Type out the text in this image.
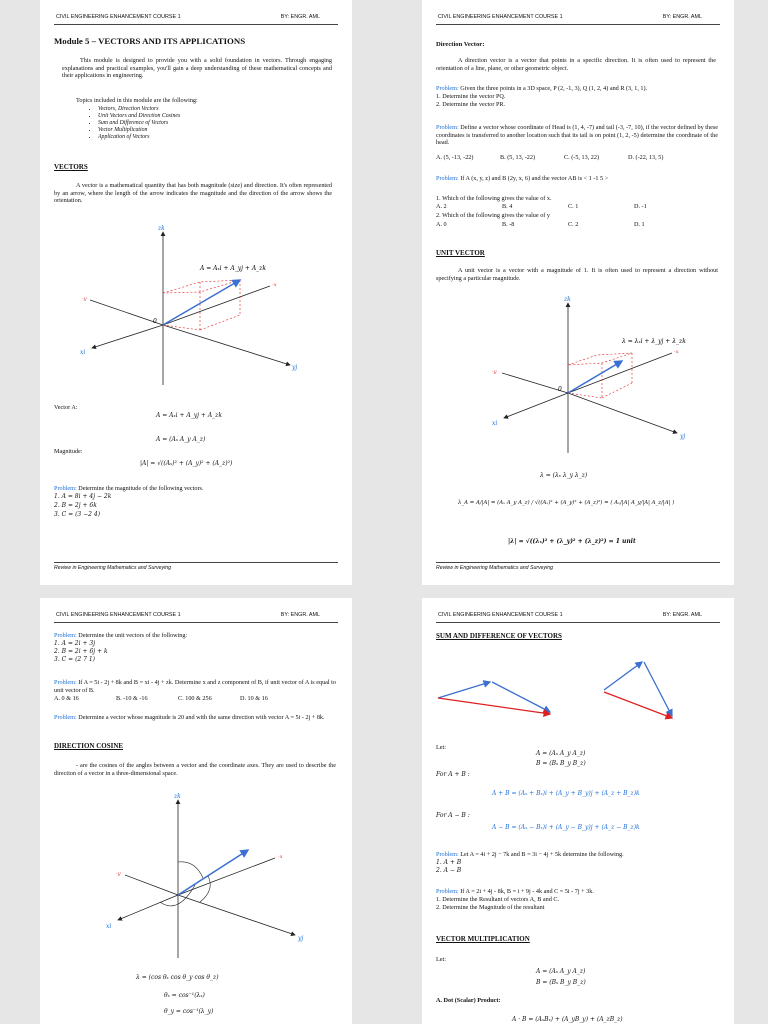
CIVIL ENGINEERING ENHANCEMENT COURSE 1	BY: ENGR. AML
Module 5 – VECTORS AND ITS APPLICATIONS
This module is designed to provide you with a solid foundation in vectors. Through engaging explanations and practical examples, you'll gain a deep understanding of these mathematical concepts and their applications in engineering.
Topics included in this module are the following:
• Vectors, Direction Vectors
• Unit Vectors and Direction Cosines
• Sum and Difference of Vectors
• Vector Multiplication
• Application of Vectors
VECTORS
A vector is a mathematical quantity that has both magnitude (size) and direction. It's often represented by an arrow, where the length of the arrow indicates the magnitude and the direction of the arrow shows the orientation.
zk
yj
xi
-y
-x
0
A = Aₓi + A_yj + A_zk
Vector A:
A = Aₓi + A_yj + A_zk
A = (Aₓ A_y A_z)
Magnitude:
|A| = √((Aₓ)² + (A_y)² + (A_z)²)
Problem: Determine the magnitude of the following vectors.
1. A = 8i + 4j − 2k
2. B = 2j + 6k
3. C = (3 −2 4)
Review in Engineering Mathematics and Surveying
CIVIL ENGINEERING ENHANCEMENT COURSE 1	BY: ENGR. AML
Direction Vector:
A direction vector is a vector that points in a specific direction. It is often used to represent the orientation of a line, plane, or other geometric object.
Problem: Given the three points in a 3D space, P (2, -1, 3), Q (1, 2, 4) and R (3, 1, 1).
1. Determine the vector PQ.
2. Determine the vector PR.
Problem: Define a vector whose coordinate of Head is (1, 4, -7) and tail (-3, -7, 10), if the vector defined by these coordinates is transferred to another location such that its tail is on point (1, 2, -5) determine the coordinate of the head.
A. (5, -13, -22)	B. (5, 13, -22)	C. (-5, 13, 22)	D. (-22, 13, 5)
Problem: If A (x, y, z) and B (2y, x, 6) and the vector AB is < 1 -1 5 >
1. Which of the following gives the value of x.
A. 2	B. 4	C. 1	D. -1
2. Which of the following gives the value of y
A. 0	B. -8	C. 2	D. 1
UNIT VECTOR
A unit vector is a vector with a magnitude of 1. It is often used to represent a direction without specifying a particular magnitude.
zk
yj
xi
-y
-x
0
λ = λₓi + λ_yj + λ_zk
λ = (λₓ λ_y λ_z)
λ_A = A/|A| = (Aₓ A_y A_z) / √((Aₓ)² + (A_y)² + (A_z)²) = ( Aₓ/|A| A_y/|A| A_z/|A| )
|λ| = √((λₓ)² + (λ_y)² + (λ_z)²) = 1 unit
Review in Engineering Mathematics and Surveying
CIVIL ENGINEERING ENHANCEMENT COURSE 1	BY: ENGR. AML
Problem: Determine the unit vectors of the following:
1. A = 2i + 3j
2. B = 2i + 6j + k
3. C = (2 7 1)
Problem: If A = 5i - 2j + 8k and B = xi - 4j + zk. Determine x and z component of B, if unit vector of A is equal to unit vector of B.
A. 0 & 16	B. -10 & -16	C. 100 & 256	D. 10 & 16
Problem: Determine a vector whose magnitude is 20 and with the same direction with vector A = 5i - 2j + 8k.
DIRECTION COSINE
- are the cosines of the angles between a vector and the coordinate axes. They are used to describe the direction of a vector in a three-dimensional space.
zk
yj
xi
-y
-x
λ = (cos θₓ cos θ_y cos θ_z)
θₓ = cos⁻¹(λₓ)
θ_y = cos⁻¹(λ_y)
CIVIL ENGINEERING ENHANCEMENT COURSE 1	BY: ENGR. AML
SUM AND DIFFERENCE OF VECTORS
Let:
A = (Aₓ A_y A_z)
B = (Bₓ B_y B_z)
For A + B :
A + B = (Aₓ + Bₓ)i + (A_y + B_y)j + (A_z + B_z)k
For A − B :
A − B = (Aₓ − Bₓ)i + (A_y − B_y)j + (A_z − B_z)k
Problem: Let A = 4i + 2j − 7k and B = 3i − 4j + 5k determine the following.
1. A + B
2. A − B
Problem: If A = 2i + 4j - 8k, B = i + 9j - 4k and C = 5i - 7j + 3k.
1. Determine the Resultant of vectors A, B and C.
2. Determine the Magnitude of the resultant
VECTOR MULTIPLICATION
Let:
A = (Aₓ A_y A_z)
B = (Bₓ B_y B_z)
A. Dot (Scalar) Product:
A · B = (AₓBₓ) + (A_yB_y) + (A_zB_z)
